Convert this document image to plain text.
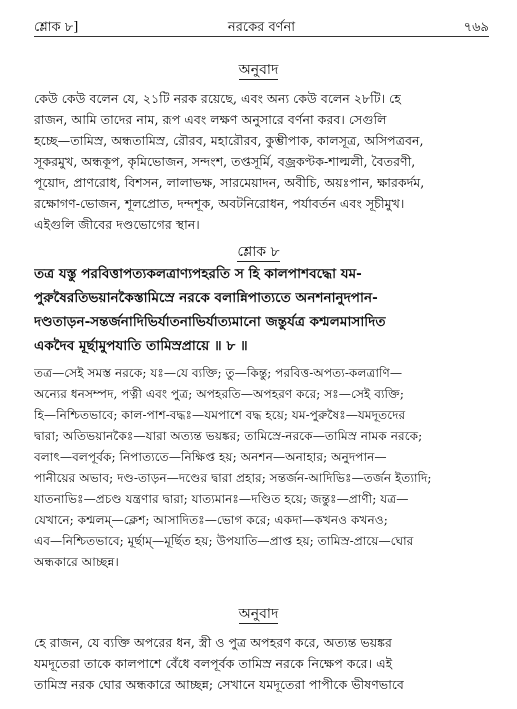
শ্লোক ৮]	নরকের বর্ণনা	৭৬৯
অনুবাদ
কেউ কেউ বলেন যে, ২১টি নরক রয়েছে, এবং অন্য কেউ বলেন ২৮টি। হে
রাজন, আমি তাদের নাম, রূপ এবং লক্ষণ অনুসারে বর্ণনা করব। সেগুলি
হচ্ছে—তামিস্র, অন্ধতামিস্র, রৌরব, মহারৌরব, কুম্ভীপাক, কালসূত্র, অসিপত্রবন,
সূকরমুখ, অন্ধকূপ, কৃমিভোজন, সন্দংশ, তপ্তসূর্মি, বজ্রকণ্টক-শাল্মলী, বৈতরণী,
পূয়োদ, প্রাণরোধ, বিশসন, লালাভক্ষ, সারমেয়াদন, অবীচি, অয়ঃপান, ক্ষারকর্দম,
রক্ষোগণ-ভোজন, শূলপ্রোত, দন্দশূক, অবটনিরোধন, পর্যাবর্তন এবং সূচীমুখ।
এইগুলি জীবের দণ্ডভোগের স্থান।
শ্লোক ৮
তত্র যস্তু পরবিত্তাপত্যকলত্রাণ্যপহরতি স হি কালপাশবদ্ধো যম-
পুরুষৈরতিভয়ানকৈস্তামিস্রে নরকে বলান্নিপাত্যতে অনশনানুদপান-
দণ্ডতাড়ন-সন্তর্জনাদিভির্যাতনাভির্যাত্যমানো জন্তুর্যত্র কশ্মলমাসাদিত
একদৈব মূর্ছামুপযাতি তামিস্রপ্রায়ে ॥ ৮ ॥
তত্র—সেই সমস্ত নরকে; যঃ—যে ব্যক্তি; তু—কিন্তু; পরবিত্ত-অপত্য-কলত্রাণি—
অন্যের ধনসম্পদ, পত্নী এবং পুত্র; অপহরতি—অপহরণ করে; সঃ—সেই ব্যক্তি;
হি—নিশ্চিতভাবে; কাল-পাশ-বদ্ধঃ—যমপাশে বদ্ধ হয়ে; যম-পুরুষৈঃ—যমদূতদের
দ্বারা; অতিভয়ানকৈঃ—যারা অত্যন্ত ভয়ঙ্কর; তামিস্রে-নরকে—তামিস্র নামক নরকে;
বলাৎ—বলপূর্বক; নিপাত্যতে—নিক্ষিপ্ত হয়; অনশন—অনাহার; অনুদপান—
পানীয়ের অভাব; দণ্ড-তাড়ন—দণ্ডের দ্বারা প্রহার; সন্তর্জন-আদিভিঃ—তর্জন ইত্যাদি;
যাতনাভিঃ—প্রচণ্ড যন্ত্রণার দ্বারা; যাত্যমানঃ—দণ্ডিত হয়ে; জন্তুঃ—প্রাণী; যত্র—
যেখানে; কশ্মলম্—ক্লেশ; আসাদিতঃ—ভোগ করে; একদা—কখনও কখনও;
এব—নিশ্চিতভাবে; মূর্ছাম্—মূর্ছিত হয়; উপযাতি—প্রাপ্ত হয়; তামিস্র-প্রায়ে—ঘোর
অন্ধকারে আচ্ছন্ন।
অনুবাদ
হে রাজন, যে ব্যক্তি অপরের ধন, স্ত্রী ও পুত্র অপহরণ করে, অত্যন্ত ভয়ঙ্কর
যমদূতেরা তাকে কালপাশে বেঁধে বলপূর্বক তামিস্র নরকে নিক্ষেপ করে। এই
তামিস্র নরক ঘোর অন্ধকারে আচ্ছন্ন; সেখানে যমদূতেরা পাপীকে ভীষণভাবে
